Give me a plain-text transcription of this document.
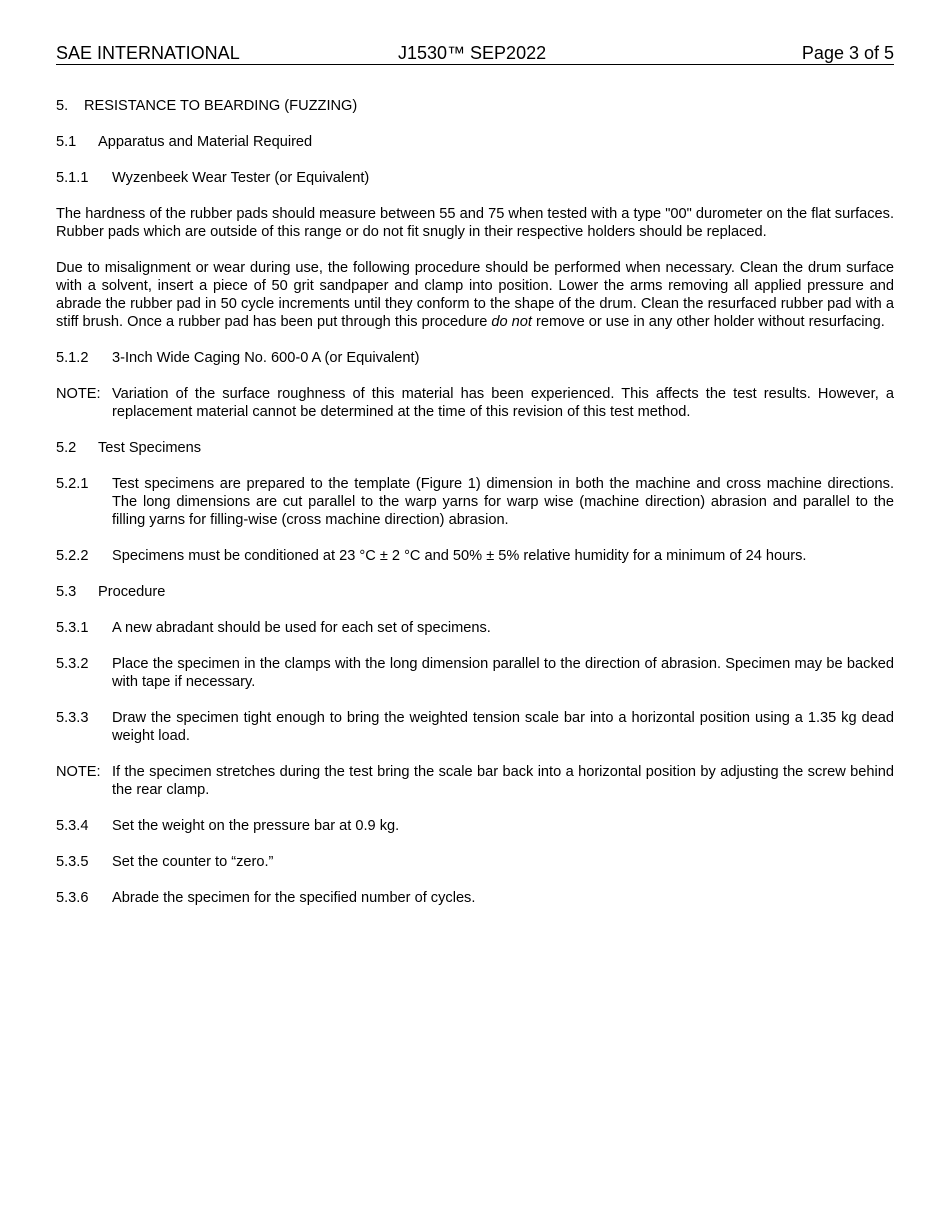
SAE INTERNATIONAL	J1530™ SEP2022	Page 3 of 5
5. RESISTANCE TO BEARDING (FUZZING)
5.1 Apparatus and Material Required
5.1.1 Wyzenbeek Wear Tester (or Equivalent)
The hardness of the rubber pads should measure between 55 and 75 when tested with a type "00" durometer on the flat surfaces. Rubber pads which are outside of this range or do not fit snugly in their respective holders should be replaced.
Due to misalignment or wear during use, the following procedure should be performed when necessary. Clean the drum surface with a solvent, insert a piece of 50 grit sandpaper and clamp into position. Lower the arms removing all applied pressure and abrade the rubber pad in 50 cycle increments until they conform to the shape of the drum. Clean the resurfaced rubber pad with a stiff brush. Once a rubber pad has been put through this procedure do not remove or use in any other holder without resurfacing.
5.1.2 3-Inch Wide Caging No. 600-0 A (or Equivalent)
NOTE: Variation of the surface roughness of this material has been experienced. This affects the test results. However, a replacement material cannot be determined at the time of this revision of this test method.
5.2 Test Specimens
5.2.1 Test specimens are prepared to the template (Figure 1) dimension in both the machine and cross machine directions. The long dimensions are cut parallel to the warp yarns for warp wise (machine direction) abrasion and parallel to the filling yarns for filling-wise (cross machine direction) abrasion.
5.2.2 Specimens must be conditioned at 23 °C ± 2 °C and 50% ± 5% relative humidity for a minimum of 24 hours.
5.3 Procedure
5.3.1 A new abradant should be used for each set of specimens.
5.3.2 Place the specimen in the clamps with the long dimension parallel to the direction of abrasion. Specimen may be backed with tape if necessary.
5.3.3 Draw the specimen tight enough to bring the weighted tension scale bar into a horizontal position using a 1.35 kg dead weight load.
NOTE: If the specimen stretches during the test bring the scale bar back into a horizontal position by adjusting the screw behind the rear clamp.
5.3.4 Set the weight on the pressure bar at 0.9 kg.
5.3.5 Set the counter to “zero.”
5.3.6 Abrade the specimen for the specified number of cycles.
